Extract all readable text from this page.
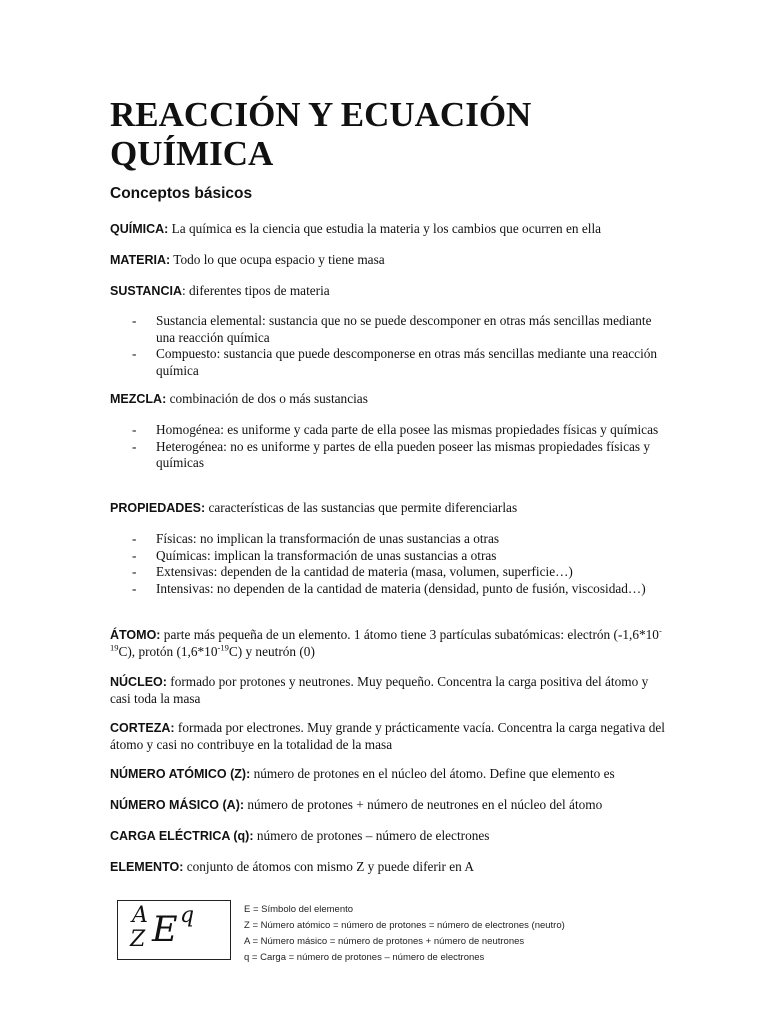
REACCIÓN Y ECUACIÓN QUÍMICA
Conceptos básicos

QUÍMICA: La química es la ciencia que estudia la materia y los cambios que ocurren en ella

MATERIA: Todo lo que ocupa espacio y tiene masa

SUSTANCIA: diferentes tipos de materia

- Sustancia elemental: sustancia que no se puede descomponer en otras más sencillas mediante una reacción química
- Compuesto: sustancia que puede descomponerse en otras más sencillas mediante una reacción química

MEZCLA: combinación de dos o más sustancias

- Homogénea: es uniforme y cada parte de ella posee las mismas propiedades físicas y químicas
- Heterogénea: no es uniforme y partes de ella pueden poseer las mismas propiedades físicas y químicas

PROPIEDADES: características de las sustancias que permite diferenciarlas

- Físicas: no implican la transformación de unas sustancias a otras
- Químicas: implican la transformación de unas sustancias a otras
- Extensivas: dependen de la cantidad de materia (masa, volumen, superficie…)
- Intensivas: no dependen de la cantidad de materia (densidad, punto de fusión, viscosidad…)

ÁTOMO: parte más pequeña de un elemento. 1 átomo tiene 3 partículas subatómicas: electrón $(-1,6*10^{-19}C)$, protón $(1,6*10^{-19}C)$ y neutrón (0)

NÚCLEO: formado por protones y neutrones. Muy pequeño. Concentra la carga positiva del átomo y casi toda la masa

CORTEZA: formada por electrones. Muy grande y prácticamente vacía. Concentra la carga negativa del átomo y casi no contribuye en la totalidad de la masa

NÚMERO ATÓMICO (Z): número de protones en el núcleo del átomo. Define que elemento es

NÚMERO MÁSICO (A): número de protones + número de neutrones en el núcleo del átomo

CARGA ELÉCTRICA (q): número de protones – número de electrones

ELEMENTO: conjunto de átomos con mismo Z y puede diferir en A

A
Z E q	E = Símbolo del elemento
Z = Número atómico = número de protones = número de electrones (neutro)
A = Número másico = número de protones + número de neutrones
q = Carga = número de protones – número de electrones
